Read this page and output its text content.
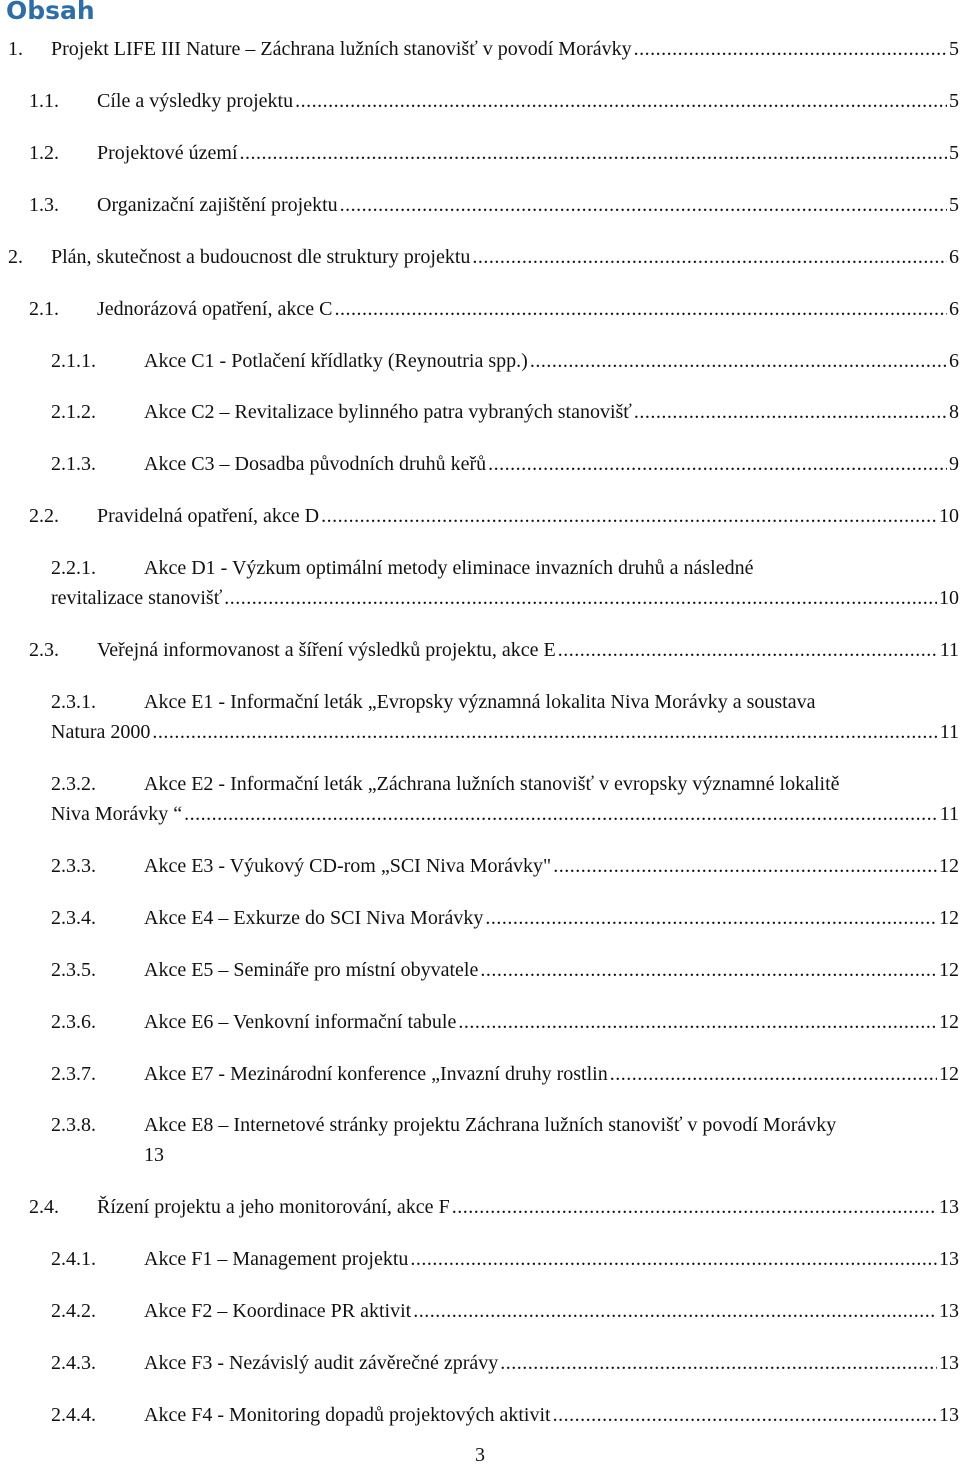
Obsah
1.	Projekt LIFE III Nature – Záchrana lužních stanovišť v povodí Morávky .....	5
1.1.	Cíle a výsledky projektu .....	5
1.2.	Projektové území .....	5
1.3.	Organizační zajištění projektu .....	5
2.	Plán, skutečnost a budoucnost dle struktury projektu .....	6
2.1.	Jednorázová opatření, akce C .....	6
2.1.1.	Akce C1 - Potlačení křídlatky (Reynoutria spp.) .....	6
2.1.2.	Akce C2 – Revitalizace bylinného patra vybraných stanovišť .....	8
2.1.3.	Akce C3 – Dosadba původních druhů keřů .....	9
2.2.	Pravidelná opatření, akce D .....	10
2.2.1.	Akce D1 - Výzkum optimální metody eliminace invazních druhů a následné
revitalizace stanovišť .....	10
2.3.	Veřejná informovanost a šíření výsledků projektu, akce E .....	11
2.3.1.	Akce E1 - Informační leták „Evropsky významná lokalita Niva Morávky a soustava
Natura 2000 .....	11
2.3.2.	Akce E2 - Informační leták „Záchrana lužních stanovišť v evropsky významné lokalitě
Niva Morávky “ .....	11
2.3.3.	Akce E3 - Výukový CD-rom „SCI Niva Morávky" .....	12
2.3.4.	Akce E4 – Exkurze do SCI Niva Morávky .....	12
2.3.5.	Akce E5 – Semináře pro místní obyvatele .....	12
2.3.6.	Akce E6 – Venkovní informační tabule .....	12
2.3.7.	Akce E7 - Mezinárodní konference „Invazní druhy rostlin .....	12
2.3.8.	Akce E8 – Internetové stránky projektu Záchrana lužních stanovišť v povodí Morávky
13
2.4.	Řízení projektu a jeho monitorování, akce F .....	13
2.4.1.	Akce F1 – Management projektu .....	13
2.4.2.	Akce F2 – Koordinace PR aktivit .....	13
2.4.3.	Akce F3 - Nezávislý audit závěrečné zprávy .....	13
2.4.4.	Akce F4 - Monitoring dopadů projektových aktivit .....	13
3
